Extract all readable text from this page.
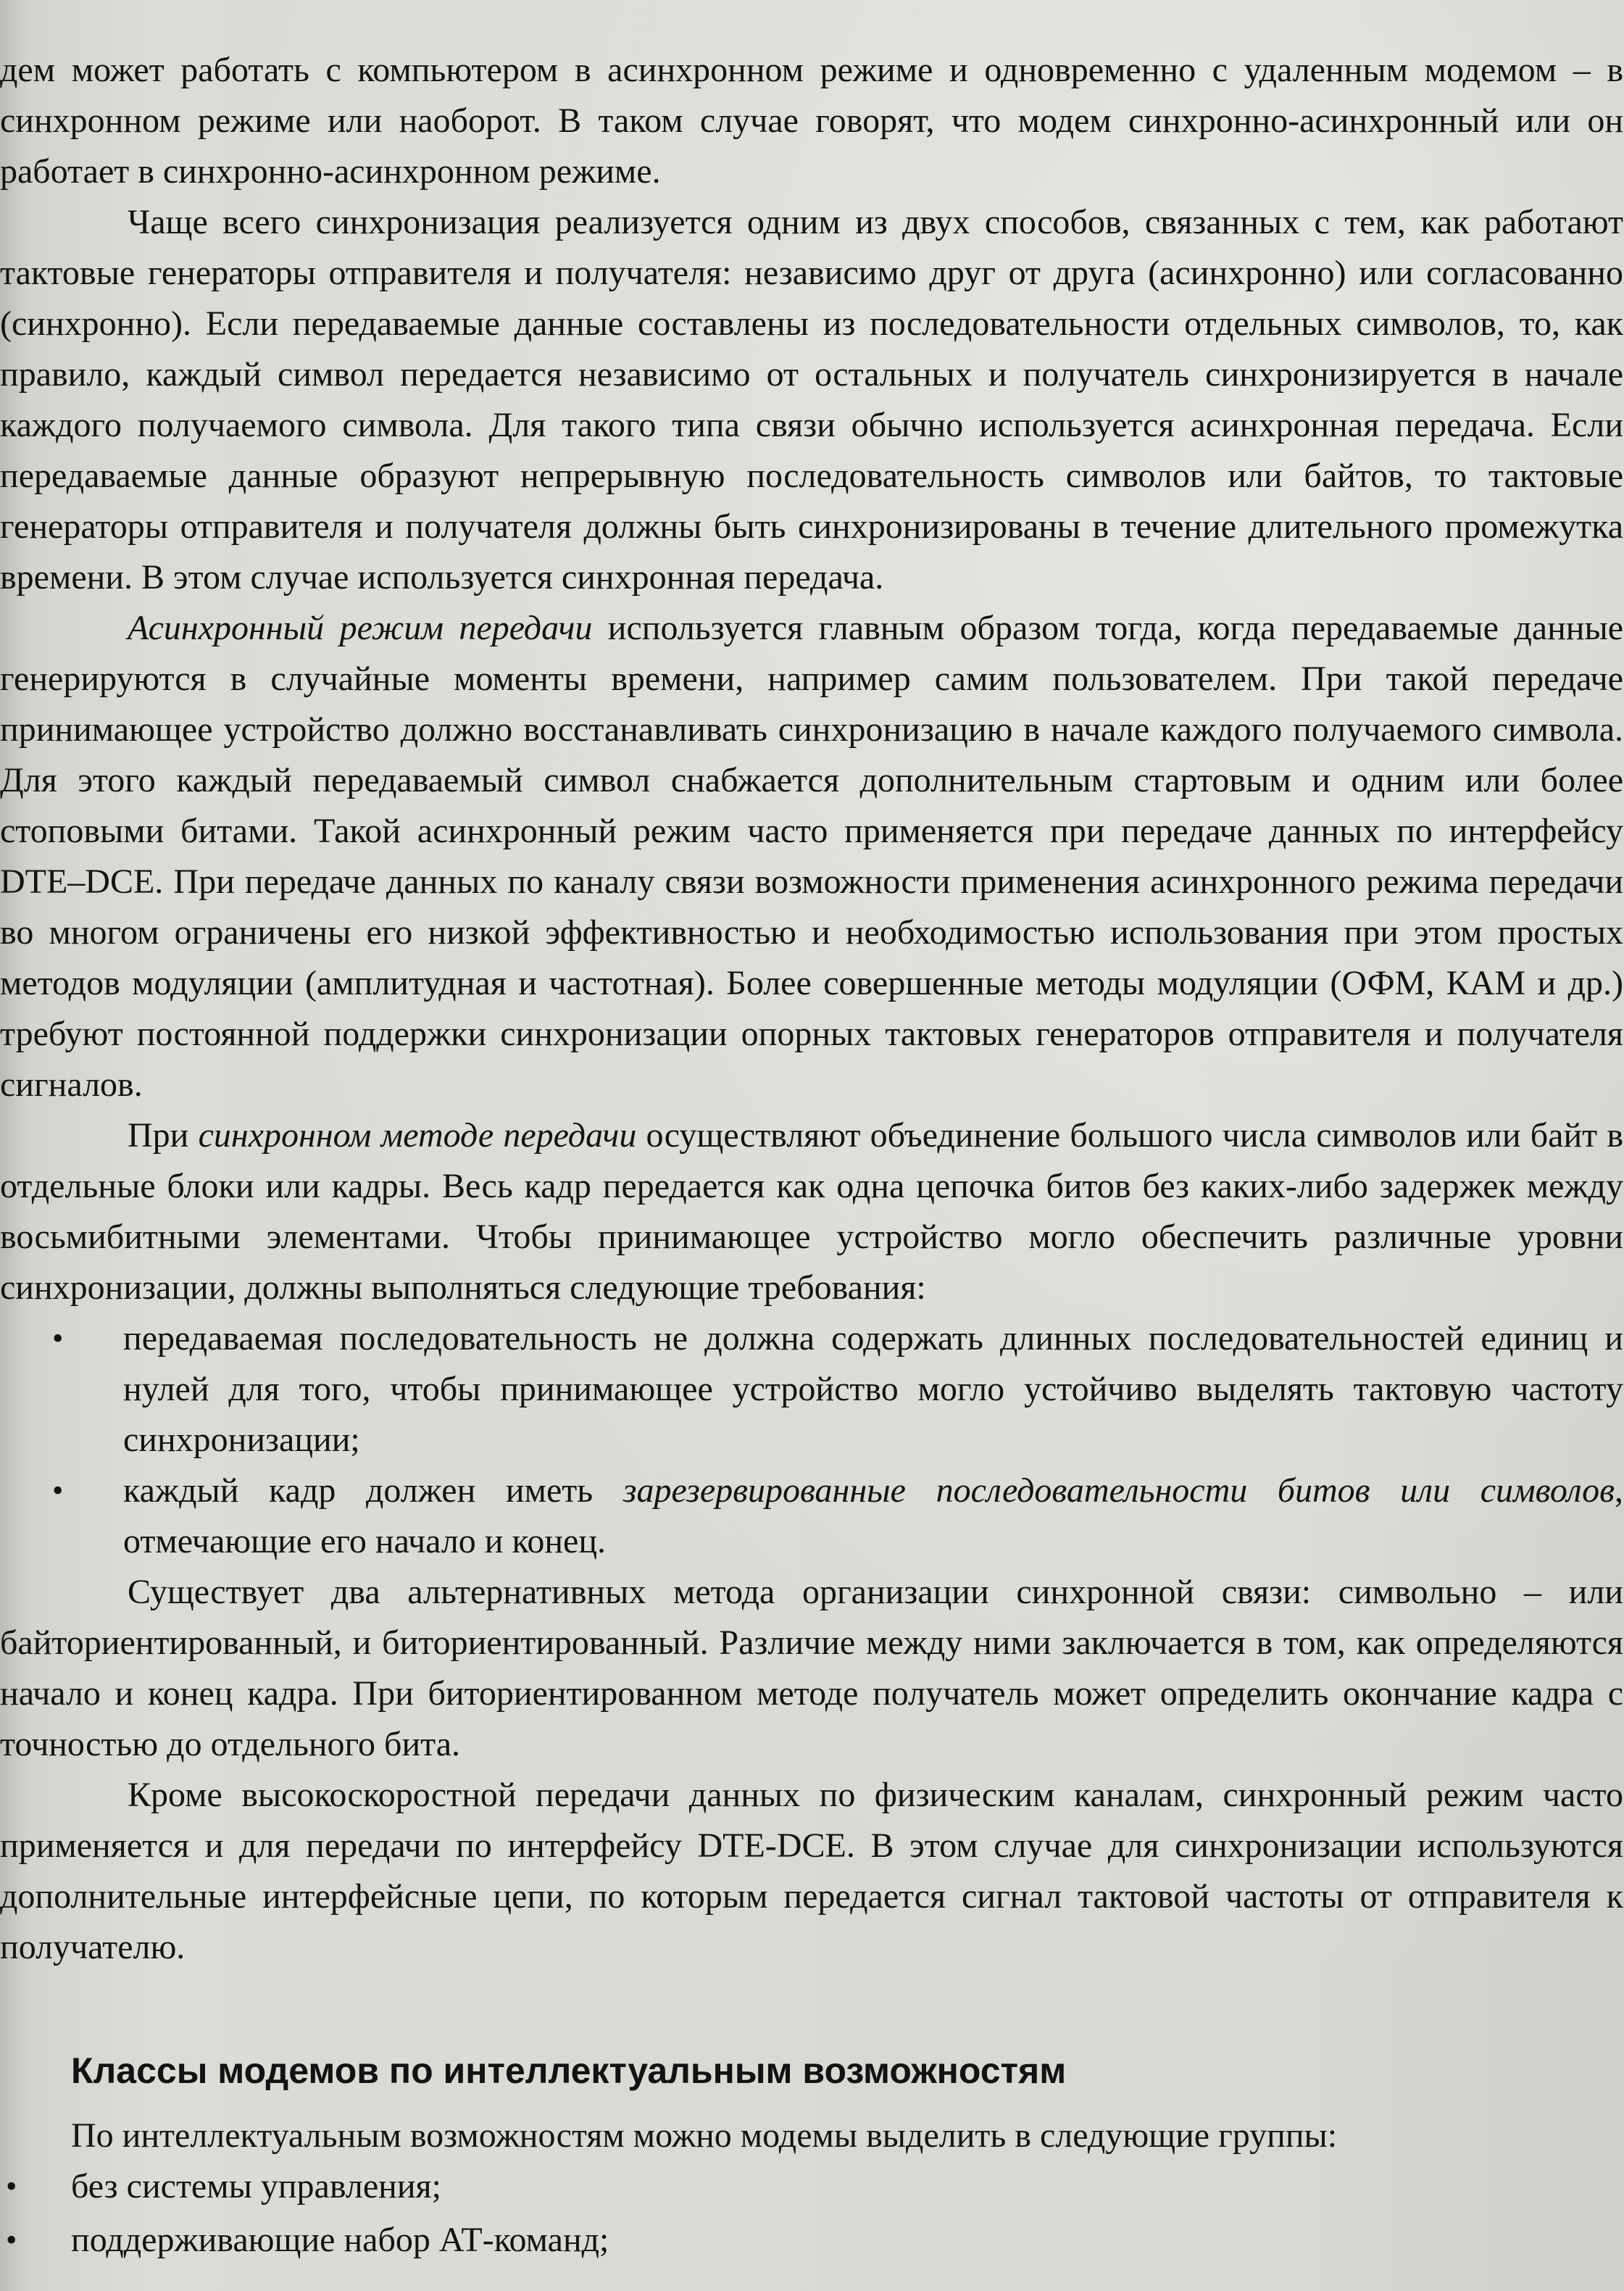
дем может работать с компьютером в асинхронном режиме и одновременно с удаленным модемом – в синхронном режиме или наоборот. В таком случае говорят, что модем синхронно-асинхронный или он работает в синхронно-асинхронном режиме.

Чаще всего синхронизация реализуется одним из двух способов, связанных с тем, как работают тактовые генераторы отправителя и получателя: независимо друг от друга (асинхронно) или согласованно (синхронно). Если передаваемые данные составлены из последовательности отдельных символов, то, как правило, каждый символ передается независимо от остальных и получатель синхронизируется в начале каждого получаемого символа. Для такого типа связи обычно используется асинхронная передача. Если передаваемые данные образуют непрерывную последовательность символов или байтов, то тактовые генераторы отправителя и получателя должны быть синхронизированы в течение длительного промежутка времени. В этом случае используется синхронная передача.

Асинхронный режим передачи используется главным образом тогда, когда передаваемые данные генерируются в случайные моменты времени, например самим пользователем. При такой передаче принимающее устройство должно восстанавливать синхронизацию в начале каждого получаемого символа. Для этого каждый передаваемый символ снабжается дополнительным стартовым и одним или более стоповыми битами. Такой асинхронный режим часто применяется при передаче данных по интерфейсу DTE–DCE. При передаче данных по каналу связи возможности применения асинхронного режима передачи во многом ограничены его низкой эффективностью и необходимостью использования при этом простых методов модуляции (амплитудная и частотная). Более совершенные методы модуляции (ОФМ, КАМ и др.) требуют постоянной поддержки синхронизации опорных тактовых генераторов отправителя и получателя сигналов.

При синхронном методе передачи осуществляют объединение большого числа символов или байт в отдельные блоки или кадры. Весь кадр передается как одна цепочка битов без каких-либо задержек между восьмибитными элементами. Чтобы принимающее устройство могло обеспечить различные уровни синхронизации, должны выполняться следующие требования:

• передаваемая последовательность не должна содержать длинных последовательностей единиц и нулей для того, чтобы принимающее устройство могло устойчиво выделять тактовую частоту синхронизации;
• каждый кадр должен иметь зарезервированные последовательности битов или символов, отмечающие его начало и конец.

Существует два альтернативных метода организации синхронной связи: символьно – или байториентированный, и биториентированный. Различие между ними заключается в том, как определяются начало и конец кадра. При биториентированном методе получатель может определить окончание кадра с точностью до отдельного бита.

Кроме высокоскоростной передачи данных по физическим каналам, синхронный режим часто применяется и для передачи по интерфейсу DTE-DCE. В этом случае для синхронизации используются дополнительные интерфейсные цепи, по которым передается сигнал тактовой частоты от отправителя к получателю.

Классы модемов по интеллектуальным возможностям

По интеллектуальным возможностям можно модемы выделить в следующие группы:

• без системы управления;
• поддерживающие набор АТ-команд;
